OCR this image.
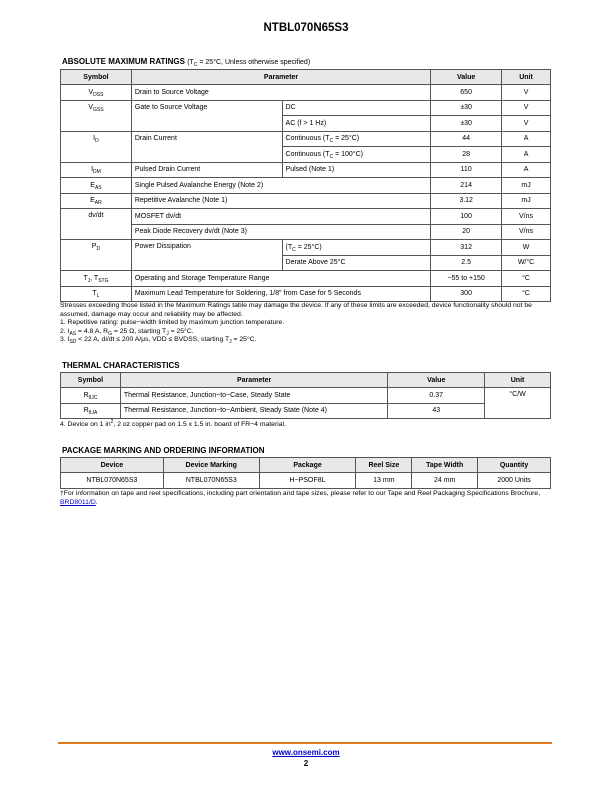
NTBL070N65S3
ABSOLUTE MAXIMUM RATINGS ($T_C = 25^\circ C$, Unless otherwise specified)
Symbol	Parameter		Value	Unit
$V_{DSS}$	Drain to Source Voltage		650	V
$V_{GSS}$	Gate to Source Voltage	DC	±30	V
		AC (f > 1 Hz)	±30	V
$I_D$	Drain Current	Continuous $(T_C = 25^\circ C)$	44	A
		Continuous $(T_C = 100^\circ C)$	28	A
$I_{DM}$	Pulsed Drain Current	Pulsed (Note 1)	110	A
$E_{AS}$	Single Pulsed Avalanche Energy (Note 2)		214	mJ
$E_{AR}$	Repetitive Avalanche (Note 1)		3.12	mJ
dv/dt	MOSFET dv/dt		100	V/ns
	Peak Diode Recovery dv/dt (Note 3)		20	V/ns
$P_D$	Power Dissipation	$(T_C = 25^\circ C)$	312	W
		Derate Above 25°C	2.5	W/°C
$T_J$, $T_{STG}$	Operating and Storage Temperature Range		−55 to +150	°C
$T_L$	Maximum Lead Temperature for Soldering, 1/8″ from Case for 5 Seconds		300	°C

Stresses exceeding those listed in the Maximum Ratings table may damage the device. If any of these limits are exceeded, device functionality should not be assumed, damage may occur and reliability may be affected.

1. Repetitive rating: pulse−width limited by maximum junction temperature.

2. $I_{AS} = 4.8$ A, $R_G = 25$ Ω, starting $T_J = 25^\circ C$.

3. $I_{SD} < 22$ A, di/dt ≤ 200 A/μs, VDD ≤ BVDSS, starting $T_J = 25^\circ C$.

THERMAL CHARACTERISTICS
Symbol	Parameter	Value	Unit
$R_{\theta JC}$	Thermal Resistance, Junction−to−Case, Steady State	0.37	°C/W
$R_{\theta JA}$	Thermal Resistance, Junction−to−Ambient, Steady State (Note 4)	43	

4. Device on 1 $in^2$, 2 oz copper pad on 1.5 x 1.5 in. board of FR−4 material.

PACKAGE MARKING AND ORDERING INFORMATION
Device	Device Marking	Package	Reel Size	Tape Width	Quantity
NTBL070N65S3	NTBL070N65S3	H−PSOF8L	13 mm	24 mm	2000 Units

†For information on tape and reel specifications, including part orientation and tape sizes, please refer to our Tape and Reel Packaging Specifications Brochure, BRD8011/D.

www.onsemi.com
2
